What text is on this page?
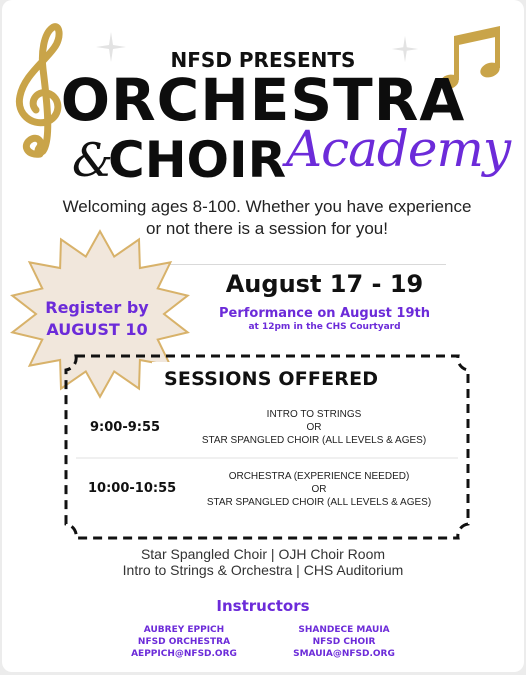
NFSD PRESENTS
ORCHESTRA
&
CHOIR Academy
Welcoming ages 8-100. Whether you have experience or not there is a session for you!
Register by
AUGUST 10
August 17 - 19
Performance on August 19th
at 12pm in the CHS Courtyard
SESSIONS OFFERED
9:00-9:55
INTRO TO STRINGS
OR
STAR SPANGLED CHOIR (ALL LEVELS & AGES)
10:00-10:55
ORCHESTRA (EXPERIENCE NEEDED)
OR
STAR SPANGLED CHOIR (ALL LEVELS & AGES)
Star Spangled Choir | OJH Choir Room
Intro to Strings & Orchestra | CHS Auditorium
Instructors
AUBREY EPPICH
NFSD ORCHESTRA
AEPPICH@NFSD.ORG
SHANDECE MAUIA
NFSD CHOIR
SMAUIA@NFSD.ORG
